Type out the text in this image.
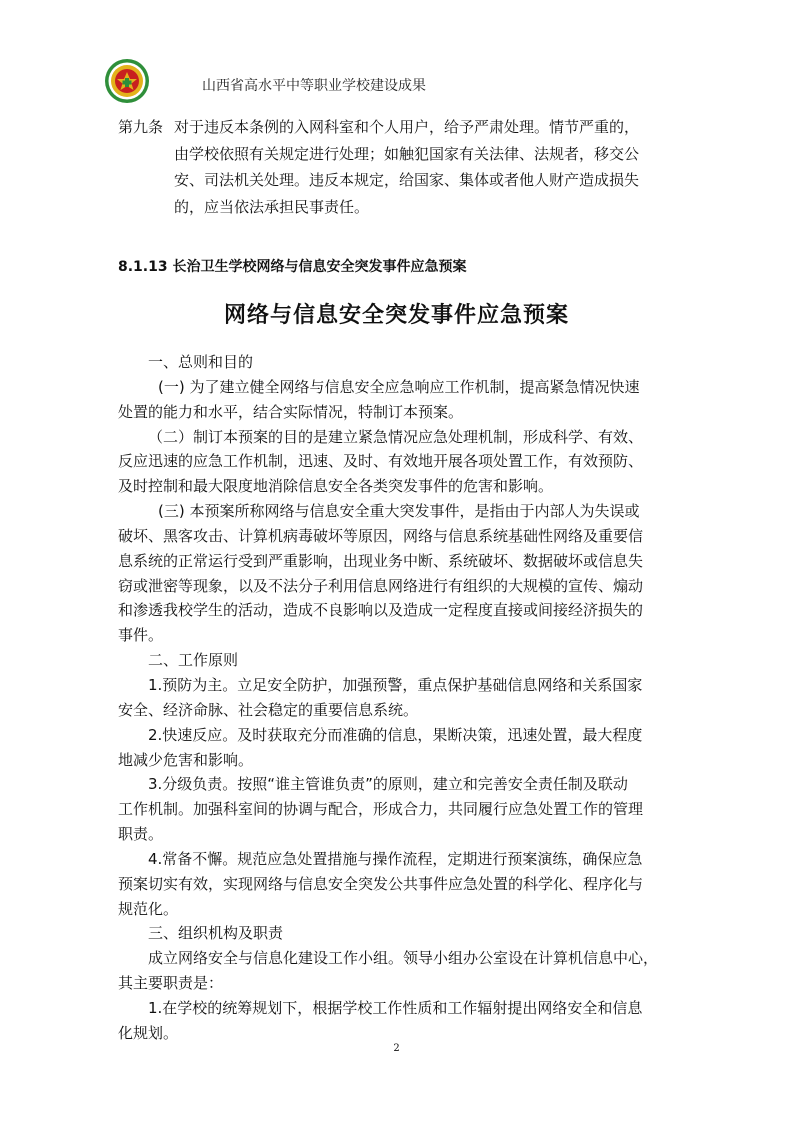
山西省高水平中等职业学校建设成果
第九条 对于违反本条例的入网科室和个人用户，给予严肃处理。情节严重的，
由学校依照有关规定进行处理；如触犯国家有关法律、法规者，移交公
安、司法机关处理。违反本规定，给国家、集体或者他人财产造成损失
的，应当依法承担民事责任。
8.1.13 长治卫生学校网络与信息安全突发事件应急预案
网络与信息安全突发事件应急预案
一、总则和目的
(一) 为了建立健全网络与信息安全应急响应工作机制，提高紧急情况快速
处置的能力和水平，结合实际情况，特制订本预案。
（二）制订本预案的目的是建立紧急情况应急处理机制，形成科学、有效、
反应迅速的应急工作机制，迅速、及时、有效地开展各项处置工作，有效预防、
及时控制和最大限度地消除信息安全各类突发事件的危害和影响。
(三) 本预案所称网络与信息安全重大突发事件，是指由于内部人为失误或
破坏、黑客攻击、计算机病毒破坏等原因，网络与信息系统基础性网络及重要信
息系统的正常运行受到严重影响，出现业务中断、系统破坏、数据破坏或信息失
窃或泄密等现象，以及不法分子利用信息网络进行有组织的大规模的宣传、煽动
和渗透我校学生的活动，造成不良影响以及造成一定程度直接或间接经济损失的
事件。
二、工作原则
1.预防为主。立足安全防护，加强预警，重点保护基础信息网络和关系国家
安全、经济命脉、社会稳定的重要信息系统。
2.快速反应。及时获取充分而准确的信息，果断决策，迅速处置，最大程度
地减少危害和影响。
3.分级负责。按照“谁主管谁负责”的原则，建立和完善安全责任制及联动
工作机制。加强科室间的协调与配合，形成合力，共同履行应急处置工作的管理
职责。
4.常备不懈。规范应急处置措施与操作流程，定期进行预案演练，确保应急
预案切实有效，实现网络与信息安全突发公共事件应急处置的科学化、程序化与
规范化。
三、组织机构及职责
成立网络安全与信息化建设工作小组。领导小组办公室设在计算机信息中心，
其主要职责是：
1.在学校的统筹规划下，根据学校工作性质和工作辐射提出网络安全和信息
化规划。
2
